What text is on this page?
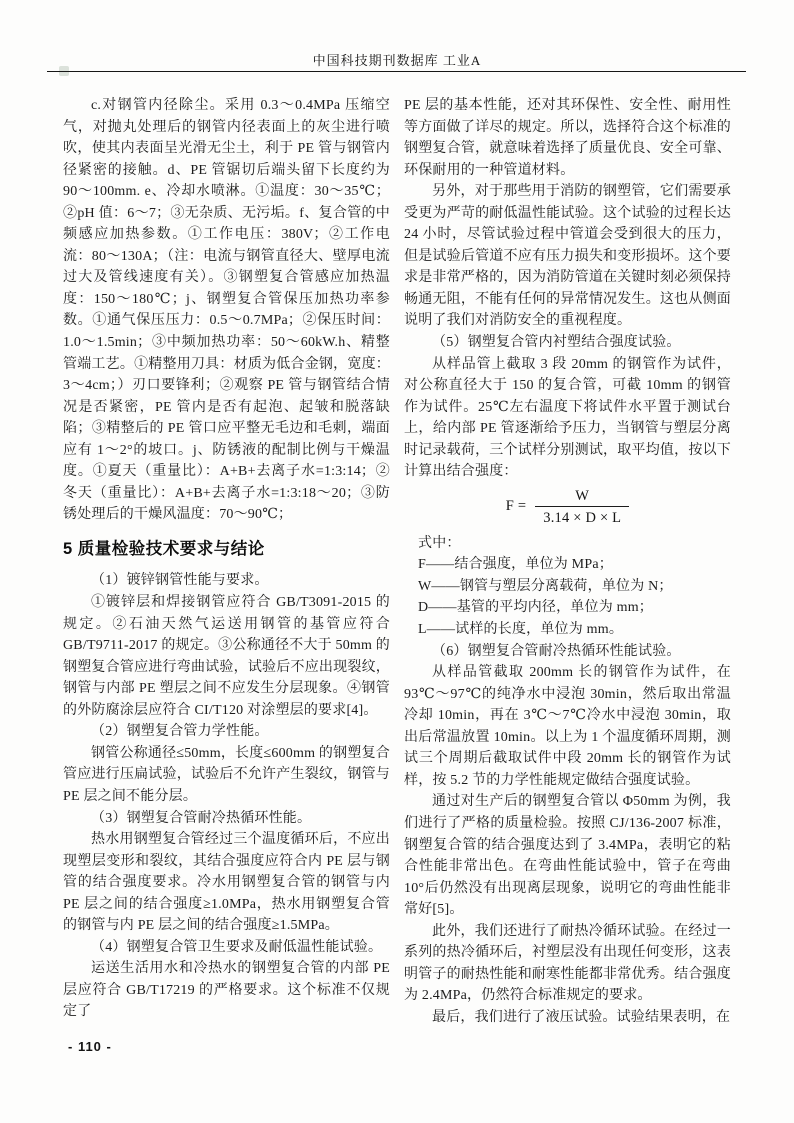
中国科技期刊数据库 工业A

c.对钢管内径除尘。采用 0.3～0.4MPa 压缩空气，对抛丸处理后的钢管内径表面上的灰尘进行喷吹，使其内表面呈光滑无尘土，利于 PE 管与钢管内径紧密的接触。d、PE 管锯切后端头留下长度约为 90～100mm. e、冷却水喷淋。①温度：30～35℃；②pH 值：6～7；③无杂质、无污垢。f、复合管的中频感应加热参数。①工作电压：380V；②工作电流：80～130A；（注：电流与钢管直径大、壁厚电流过大及管线速度有关）。③钢塑复合管感应加热温度：150～180℃；j、钢塑复合管保压加热功率参数。①通气保压压力：0.5～0.7MPa；②保压时间：1.0～1.5min；③中频加热功率：50～60kW.h、精整管端工艺。①精整用刀具：材质为低合金钢，宽度：3～4cm；）刃口要锋利；②观察 PE 管与钢管结合情况是否紧密，PE 管内是否有起泡、起皱和脱落缺陷；③精整后的 PE 管口应平整无毛边和毛刺，端面应有 1～2°的坡口。j、防锈液的配制比例与干燥温度。①夏天（重量比）：A+B+去离子水=1:3:14；②冬天（重量比）：A+B+去离子水=1:3:18～20；③防锈处理后的干燥风温度：70～90℃；

5 质量检验技术要求与结论

（1）镀锌钢管性能与要求。

①镀锌层和焊接钢管应符合 GB/T3091-2015 的规定。②石油天然气运送用钢管的基管应符合 GB/T9711-2017 的规定。③公称通径不大于 50mm 的钢塑复合管应进行弯曲试验，试验后不应出现裂纹，钢管与内部 PE 塑层之间不应发生分层现象。④钢管的外防腐涂层应符合 CI/T120 对涂塑层的要求[4]。

（2）钢塑复合管力学性能。

钢管公称通径≤50mm，长度≤600mm 的钢塑复合管应进行压扁试验，试验后不允许产生裂纹，钢管与 PE 层之间不能分层。

（3）钢塑复合管耐冷热循环性能。

热水用钢塑复合管经过三个温度循环后，不应出现塑层变形和裂纹，其结合强度应符合内 PE 层与钢管的结合强度要求。冷水用钢塑复合管的钢管与内 PE 层之间的结合强度≥1.0MPa，热水用钢塑复合管的钢管与内 PE 层之间的结合强度≥1.5MPa。

（4）钢塑复合管卫生要求及耐低温性能试验。

运送生活用水和冷热水的钢塑复合管的内部 PE 层应符合 GB/T17219 的严格要求。这个标准不仅规定了

PE 层的基本性能，还对其环保性、安全性、耐用性等方面做了详尽的规定。所以，选择符合这个标准的钢塑复合管，就意味着选择了质量优良、安全可靠、环保耐用的一种管道材料。

另外，对于那些用于消防的钢塑管，它们需要承受更为严苛的耐低温性能试验。这个试验的过程长达 24 小时，尽管试验过程中管道会受到很大的压力，但是试验后管道不应有压力损失和变形损坏。这个要求是非常严格的，因为消防管道在关键时刻必须保持畅通无阻，不能有任何的异常情况发生。这也从侧面说明了我们对消防安全的重视程度。

（5）钢塑复合管内衬塑结合强度试验。

从样品管上截取 3 段 20mm 的钢管作为试件，对公称直径大于 150 的复合管，可截 10mm 的钢管作为试件。25℃左右温度下将试件水平置于测试台上，给内部 PE 管逐渐给予压力，当钢管与塑层分离时记录载荷，三个试样分别测试，取平均值，按以下计算出结合强度：

$F = \frac{W}{3.14 \times D \times L}$

式中：

F——结合强度，单位为 MPa；

W——钢管与塑层分离载荷，单位为 N；

D——基管的平均内径，单位为 mm；

L——试样的长度，单位为 mm。

（6）钢塑复合管耐冷热循环性能试验。

从样品管截取 200mm 长的钢管作为试件，在 93℃～97℃的纯净水中浸泡 30min，然后取出常温冷却 10min，再在 3℃～7℃冷水中浸泡 30min，取出后常温放置 10min。以上为 1 个温度循环周期，测试三个周期后截取试件中段 20mm 长的钢管作为试样，按 5.2 节的力学性能规定做结合强度试验。

通过对生产后的钢塑复合管以 Φ50mm 为例，我们进行了严格的质量检验。按照 CJ/136-2007 标准，钢塑复合管的结合强度达到了 3.4MPa，表明它的粘合性能非常出色。在弯曲性能试验中，管子在弯曲 10°后仍然没有出现离层现象，说明它的弯曲性能非常好[5]。

此外，我们还进行了耐热冷循环试验。在经过一系列的热冷循环后，衬塑层没有出现任何变形，这表明管子的耐热性能和耐寒性能都非常优秀。结合强度为 2.4MPa，仍然符合标准规定的要求。

最后，我们进行了液压试验。试验结果表明，在

- 110 -
